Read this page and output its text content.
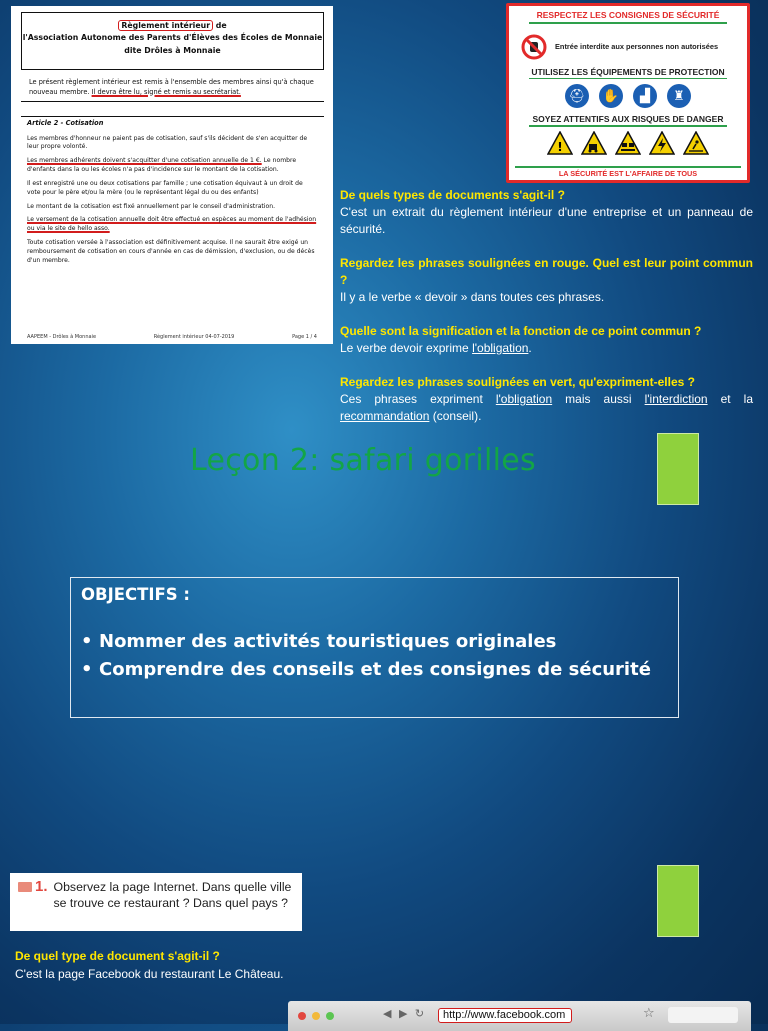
Règlement intérieur de
l'Association Autonome des Parents d'Élèves des Écoles de Monnaie
dite Drôles à Monnaie
Le présent règlement intérieur est remis à l'ensemble des membres ainsi qu'à chaque nouveau membre. Il devra être lu, signé et remis au secrétariat.
Article 2 - Cotisation

Les membres d'honneur ne paient pas de cotisation, sauf s'ils décident de s'en acquitter de leur propre volonté.

Les membres adhérents doivent s'acquitter d'une cotisation annuelle de 1 €. Le nombre d'enfants dans la ou les écoles n'a pas d'incidence sur le montant de la cotisation.

Il est enregistré une ou deux cotisations par famille ; une cotisation équivaut à un droit de vote pour le père et/ou la mère (ou le représentant légal du ou des enfants)

Le montant de la cotisation est fixé annuellement par le conseil d'administration.

Le versement de la cotisation annuelle doit être effectué en espèces au moment de l'adhésion ou via le site de hello asso.

Toute cotisation versée à l'association est définitivement acquise. Il ne saurait être exigé un remboursement de cotisation en cours d'année en cas de démission, d'exclusion, ou de décès d'un membre.

AAPEEM - Drôles à Monnaie	Règlement intérieur 04-07-2019	Page 1 / 4
RESPECTEZ LES CONSIGNES DE SÉCURITÉ
Entrée interdite aux personnes non autorisées
UTILISEZ LES ÉQUIPEMENTS DE PROTECTION
⛑	✋	▟	♜
SOYEZ ATTENTIFS AUX RISQUES DE DANGER
!
LA SÉCURITÉ EST L'AFFAIRE DE TOUS
De quels types de documents s'agit-il ?
C'est un extrait du règlement intérieur d'une entreprise et un panneau de sécurité.
Regardez les phrases soulignées en rouge. Quel est leur point commun ?
Il y a le verbe « devoir » dans toutes ces phrases.
Quelle sont la signification et la fonction de ce point commun ?
Le verbe devoir exprime l'obligation.
Regardez les phrases soulignées en vert, qu'expriment-elles ?
Ces phrases expriment l'obligation mais aussi l'interdiction et la recommandation (conseil).
Leçon 2: safari gorilles
OBJECTIFS :
• Nommer des activités touristiques originales
• Comprendre des conseils et des consignes de sécurité
1. Observez la page Internet. Dans quelle ville se trouve ce restaurant ? Dans quel pays ?
De quel type de document s'agit-il ?
C'est la page Facebook du restaurant Le Château.
◀ ▶ ↻	http://www.facebook.com	☆
